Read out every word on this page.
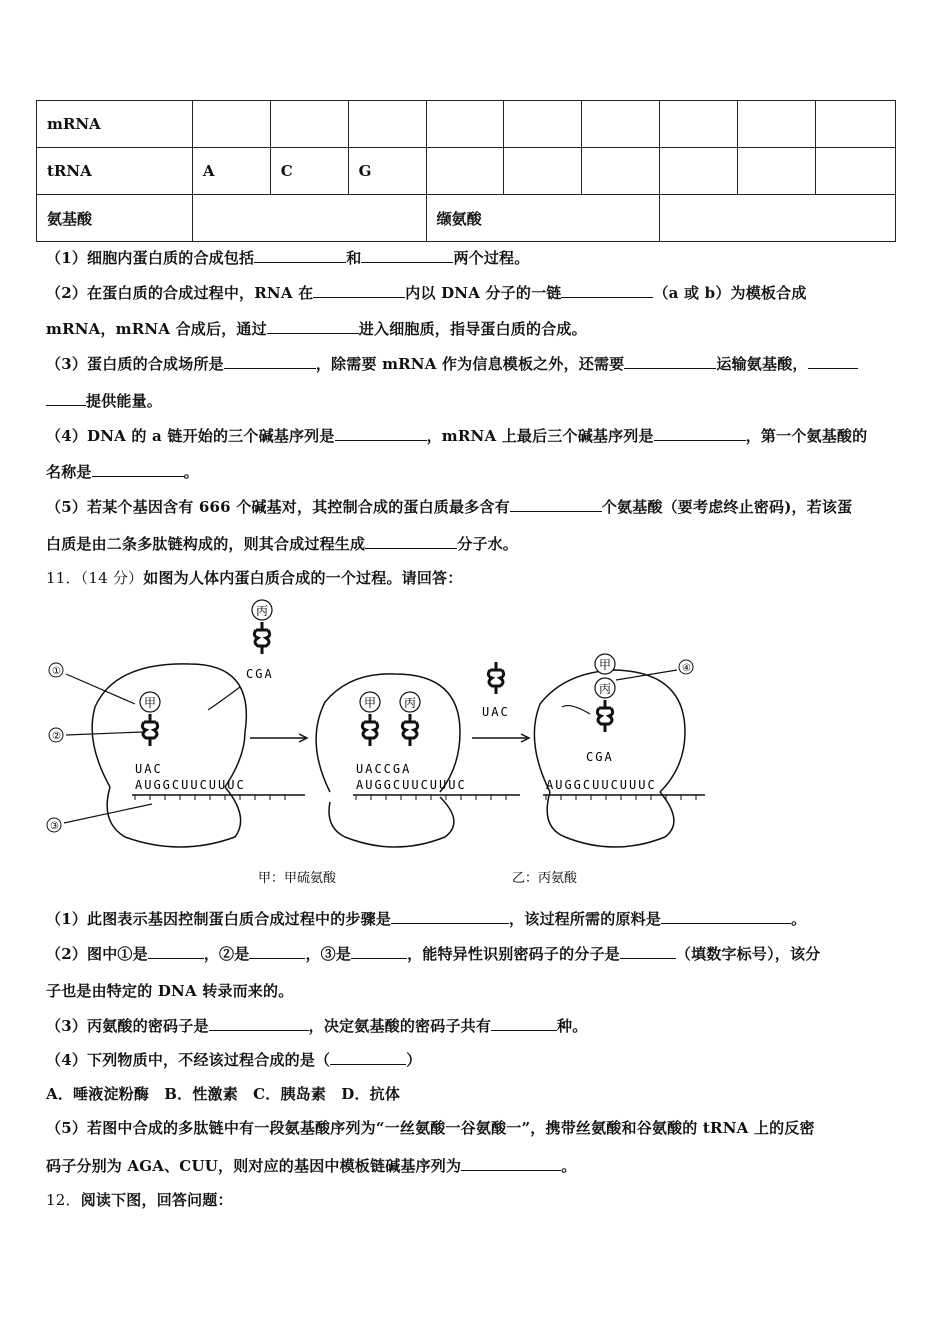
mRNA									
tRNA	A	C	G						
氨基酸				缬氨酸					
（1）细胞内蛋白质的合成包括	和	两个过程。
（2）在蛋白质的合成过程中，RNA 在	内以 DNA 分子的一链	（a 或 b）为模板合成
mRNA，mRNA 合成后，通过	进入细胞质，指导蛋白质的合成。
（3）蛋白质的合成场所是	，除需要 mRNA 作为信息模板之外，还需要	运输氨基酸，
提供能量。
（4）DNA 的 a 链开始的三个碱基序列是	，mRNA 上最后三个碱基序列是	，第一个氨基酸的
名称是	。
（5）若某个基因含有 666 个碱基对，其控制合成的蛋白质最多含有	个氨基酸（要考虑终止密码)，若该蛋
白质是由二条多肽链构成的，则其合成过程生成	分子水。
11．（14 分）如图为人体内蛋白质合成的一个过程。请回答：
甲
UAC
AUGGCUUCUUUC
丙
CGA
①
②
③
甲 丙
UACCGA
AUGGCUUCUUUC
UAC
甲
丙
CGA
AUGGCUUCUUUC
④
甲：甲硫氨酸	乙：丙氨酸
（1）此图表示基因控制蛋白质合成过程中的步骤是	，该过程所需的原料是	。
（2）图中①是	，②是	，③是	，能特异性识别密码子的分子是	（填数字标号），该分
子也是由特定的 DNA 转录而来的。
（3）丙氨酸的密码子是	，决定氨基酸的密码子共有	种。
（4）下列物质中，不经该过程合成的是（	）
A．唾液淀粉酶　B．性激素　C．胰岛素　D．抗体
（5）若图中合成的多肽链中有一段氨基酸序列为“一丝氨酸一谷氨酸一”，携带丝氨酸和谷氨酸的 tRNA 上的反密
码子分别为 AGA、CUU，则对应的基因中模板链碱基序列为	。
12．阅读下图，回答问题：
